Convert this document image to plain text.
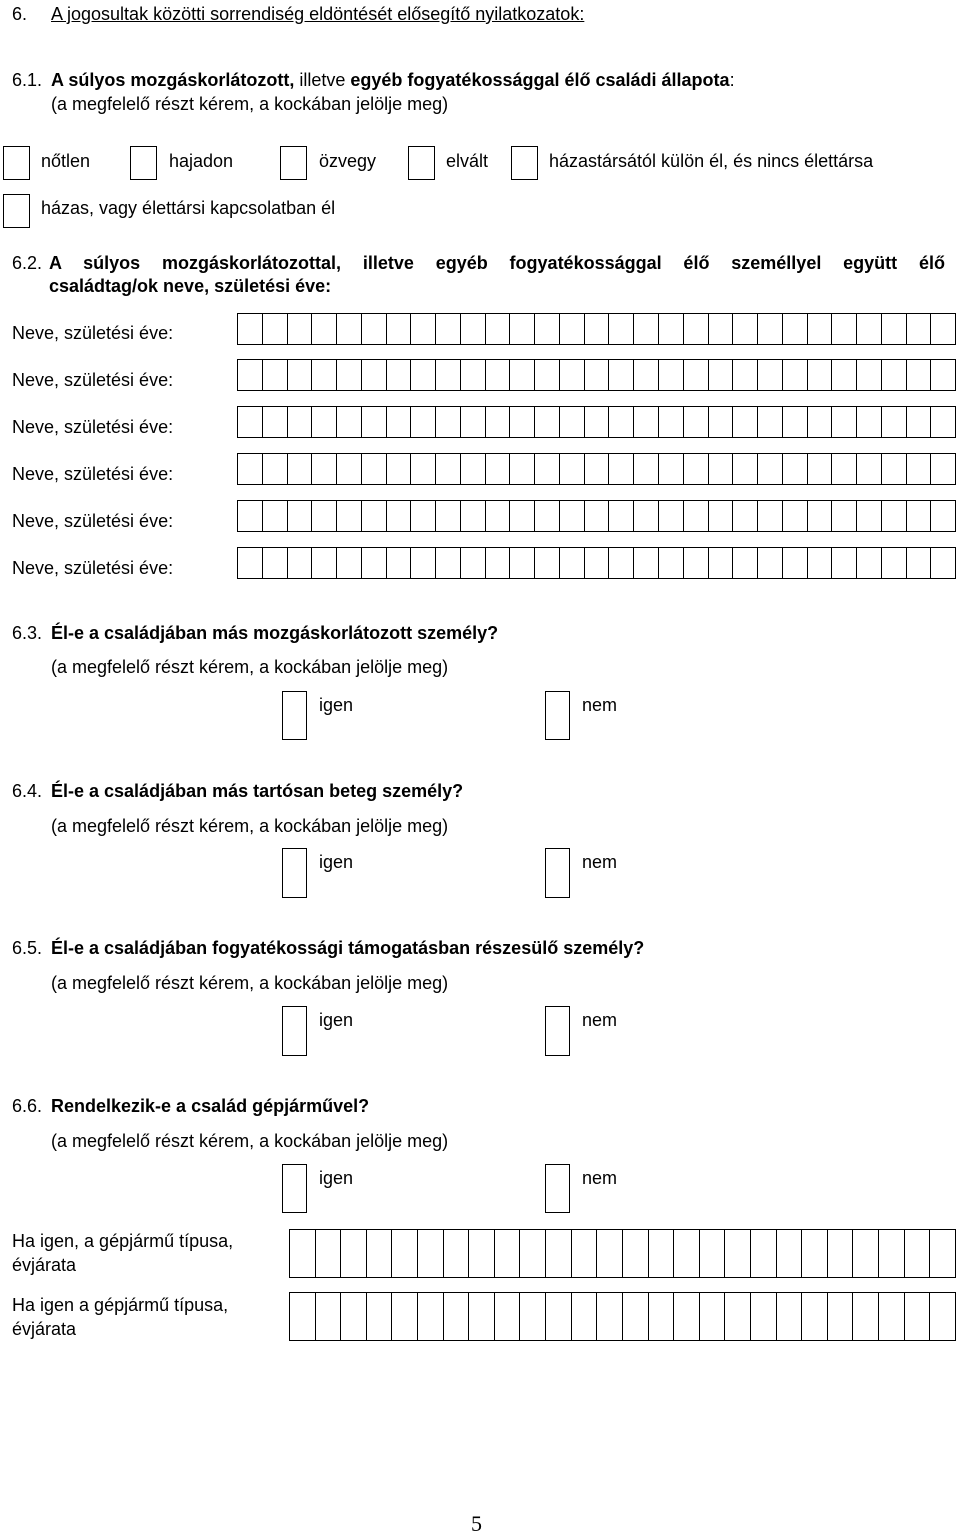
6. A jogosultak közötti sorrendiség eldöntését elősegítő nyilatkozatok:
6.1. A súlyos mozgáskorlátozott, illetve egyéb fogyatékossággal élő családi állapota:
(a megfelelő részt kérem, a kockában jelölje meg)
nőtlen	hajadon	özvegy	elvált	házastársától külön él, és nincs élettársa
házas, vagy élettársi kapcsolatban él
6.2. A súlyos mozgáskorlátozottal, illetve egyéb fogyatékossággal élő személlyel együtt élő
családtag/ok neve, születési éve:
Neve, születési éve:
Neve, születési éve:
Neve, születési éve:
Neve, születési éve:
Neve, születési éve:
Neve, születési éve:
6.3. Él-e a családjában más mozgáskorlátozott személy?
(a megfelelő részt kérem, a kockában jelölje meg)
igen	nem
6.4. Él-e a családjában más tartósan beteg személy?
(a megfelelő részt kérem, a kockában jelölje meg)
igen	nem
6.5. Él-e a családjában fogyatékossági támogatásban részesülő személy?
(a megfelelő részt kérem, a kockában jelölje meg)
igen	nem
6.6. Rendelkezik-e a család gépjárművel?
(a megfelelő részt kérem, a kockában jelölje meg)
igen	nem
Ha igen, a gépjármű típusa,
évjárata
Ha igen a gépjármű típusa,
évjárata
5
